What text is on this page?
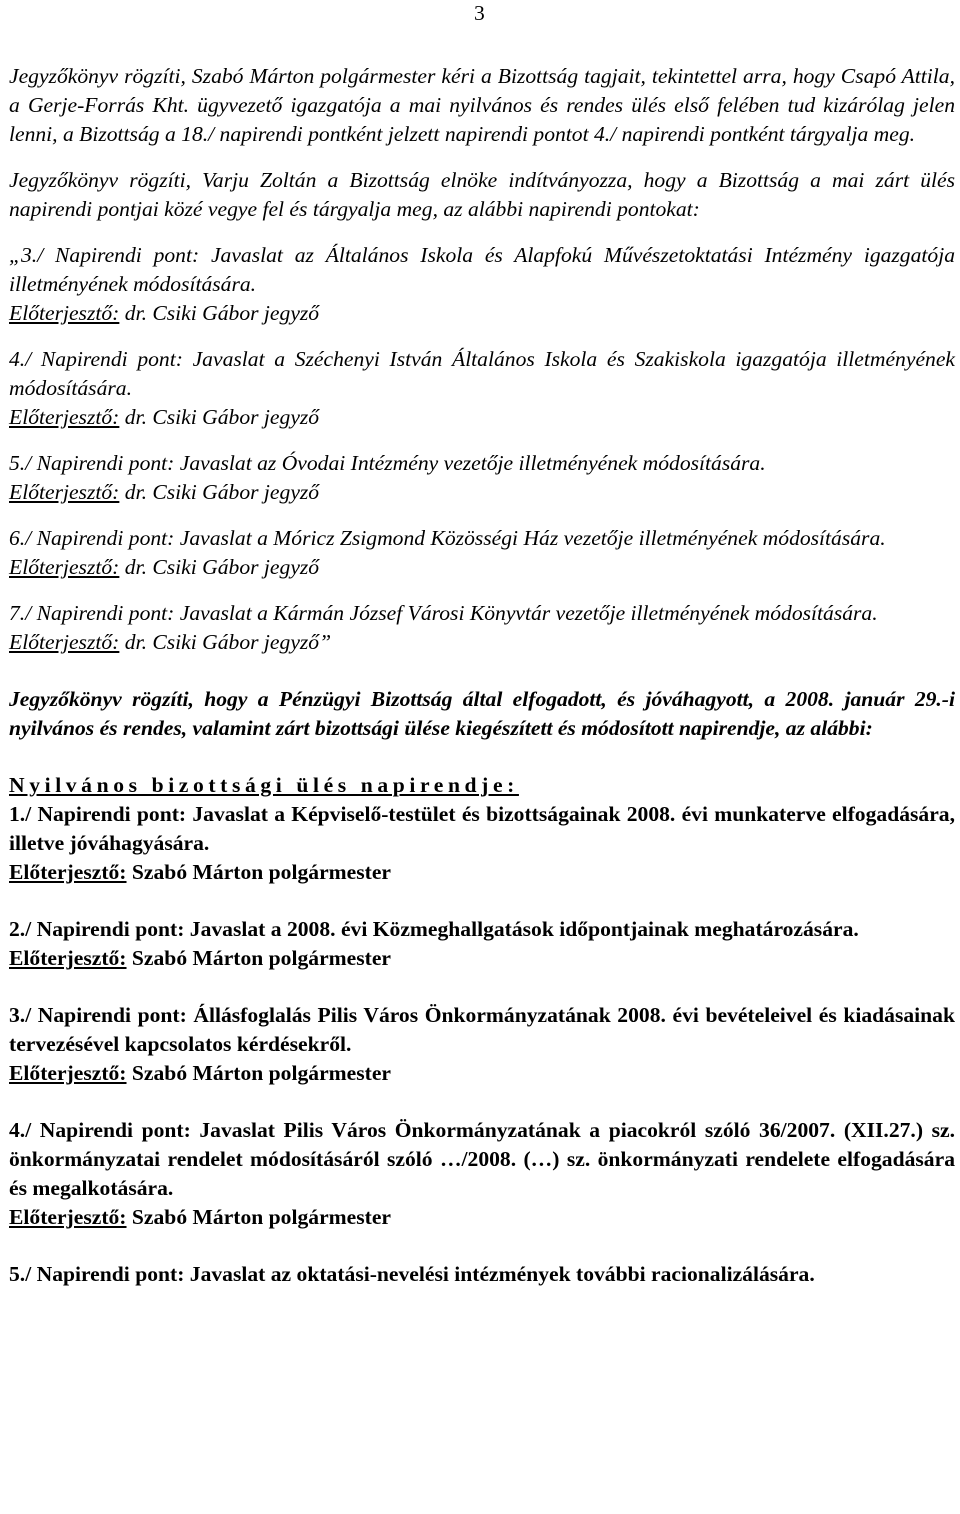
3

Jegyzőkönyv rögzíti, Szabó Márton polgármester kéri a Bizottság tagjait, tekintettel arra, hogy Csapó Attila, a Gerje-Forrás Kht. ügyvezető igazgatója a mai nyilvános és rendes ülés első felében tud kizárólag jelen lenni, a Bizottság a 18./ napirendi pontként jelzett napirendi pontot 4./ napirendi pontként tárgyalja meg.

Jegyzőkönyv rögzíti, Varju Zoltán a Bizottság elnöke indítványozza, hogy a Bizottság a mai zárt ülés napirendi pontjai közé vegye fel és tárgyalja meg, az alábbi napirendi pontokat:

„3./ Napirendi pont: Javaslat az Általános Iskola és Alapfokú Művészetoktatási Intézmény igazgatója illetményének módosítására.

Előterjesztő: dr. Csiki Gábor jegyző

4./ Napirendi pont: Javaslat a Széchenyi István Általános Iskola és Szakiskola igazgatója illetményének módosítására.

Előterjesztő: dr. Csiki Gábor jegyző

5./ Napirendi pont: Javaslat az Óvodai Intézmény vezetője illetményének módosítására.

Előterjesztő: dr. Csiki Gábor jegyző

6./ Napirendi pont: Javaslat a Móricz Zsigmond Közösségi Ház vezetője illetményének módosítására.

Előterjesztő: dr. Csiki Gábor jegyző

7./ Napirendi pont: Javaslat a Kármán József Városi Könyvtár vezetője illetményének módosítására.

Előterjesztő: dr. Csiki Gábor jegyző”

Jegyzőkönyv rögzíti, hogy a Pénzügyi Bizottság által elfogadott, és jóváhagyott, a 2008. január 29.-i nyilvános és rendes, valamint zárt bizottsági ülése kiegészített és módosított napirendje, az alábbi:

Nyilvános bizottsági ülés napirendje:

1./ Napirendi pont: Javaslat a Képviselő-testület és bizottságainak 2008. évi munkaterve elfogadására, illetve jóváhagyására.

Előterjesztő: Szabó Márton polgármester

2./ Napirendi pont: Javaslat a 2008. évi Közmeghallgatások időpontjainak meghatározására.

Előterjesztő: Szabó Márton polgármester

3./ Napirendi pont: Állásfoglalás Pilis Város Önkormányzatának 2008. évi bevételeivel és kiadásainak tervezésével kapcsolatos kérdésekről.

Előterjesztő: Szabó Márton polgármester

4./ Napirendi pont: Javaslat Pilis Város Önkormányzatának a piacokról szóló 36/2007. (XII.27.) sz. önkormányzatai rendelet módosításáról szóló …/2008. (…) sz. önkormányzati rendelete elfogadására és megalkotására.

Előterjesztő: Szabó Márton polgármester

5./ Napirendi pont: Javaslat az oktatási-nevelési intézmények további racionalizálására.
